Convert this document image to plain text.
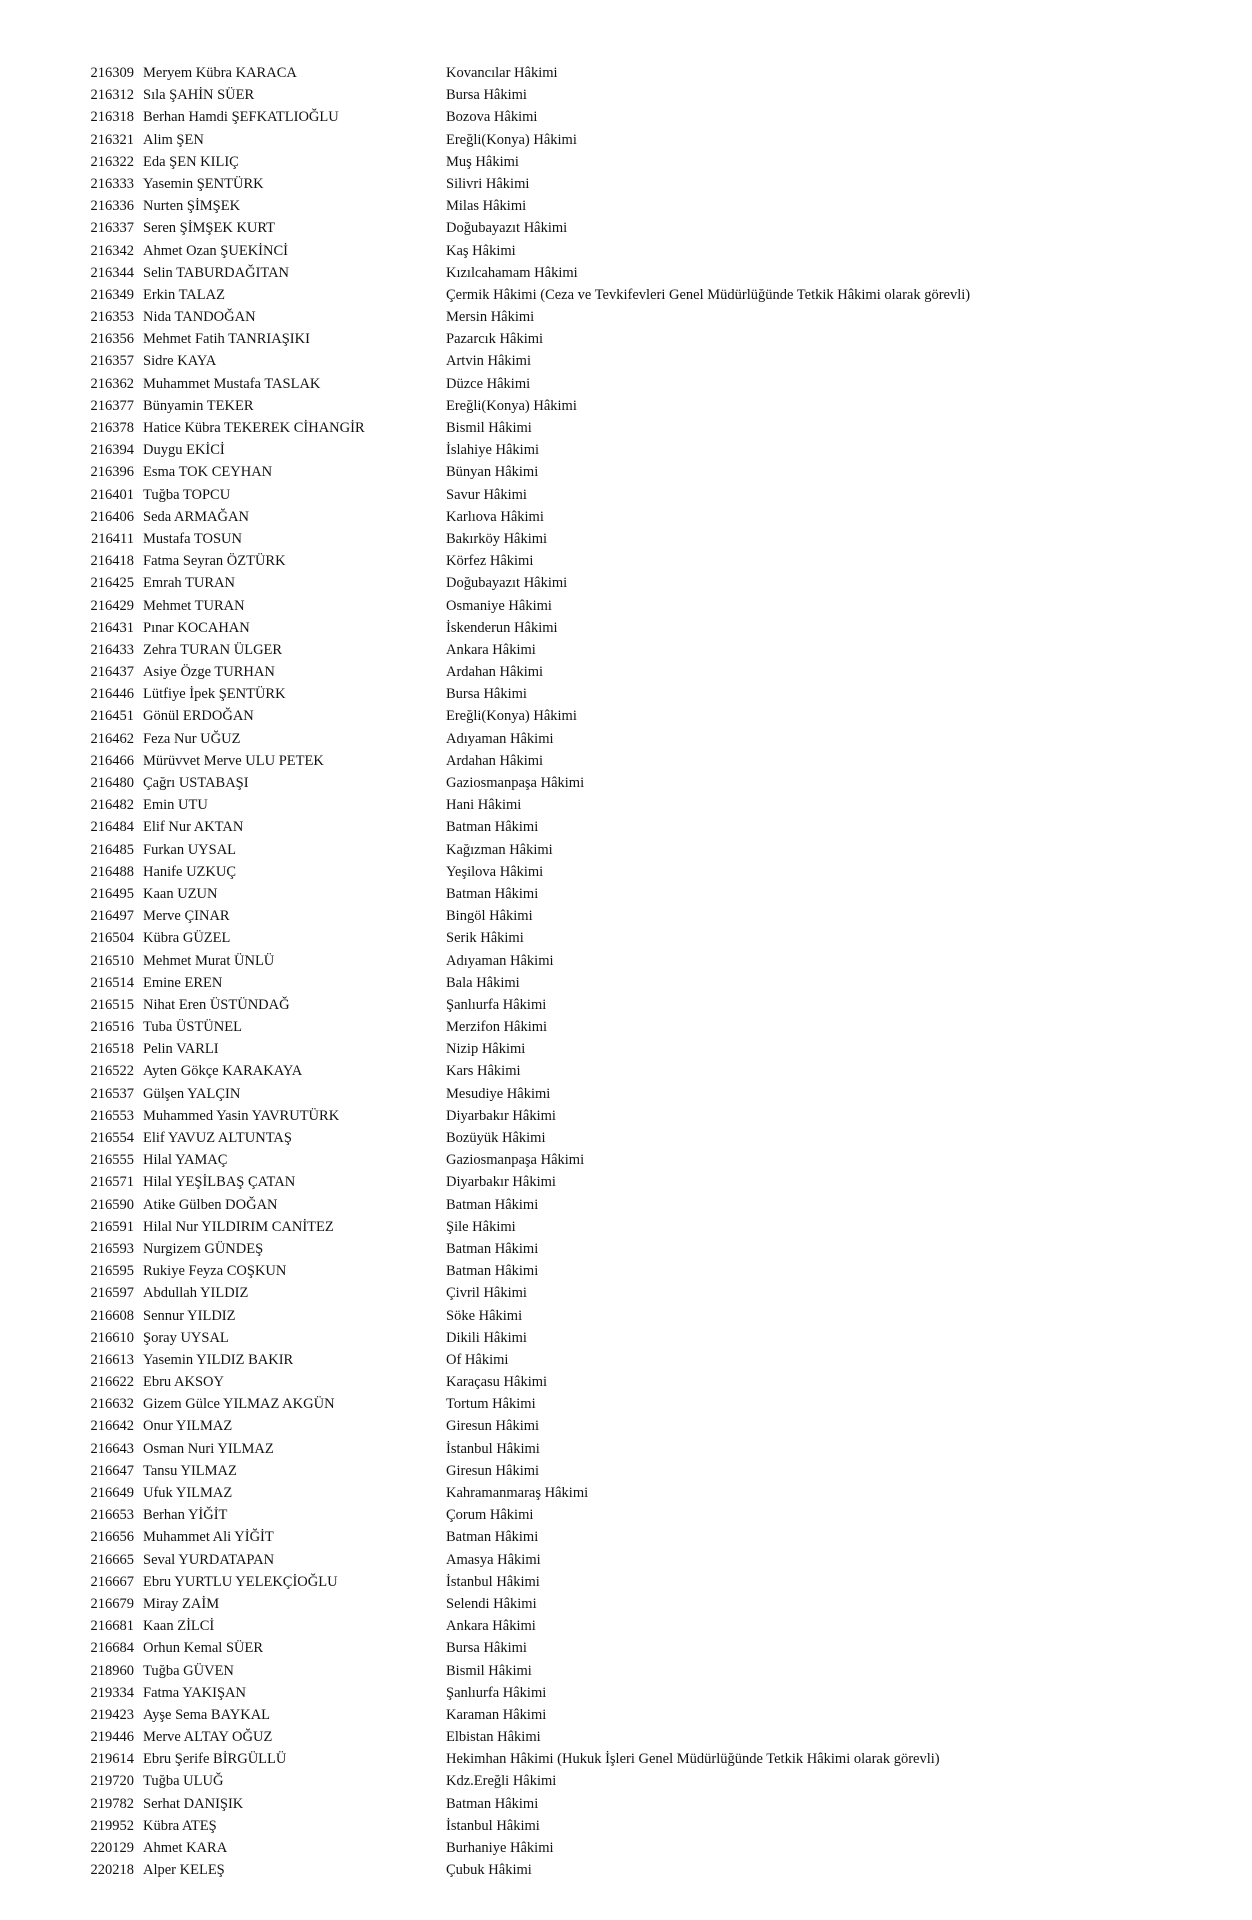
216309 Meryem Kübra KARACA	Kovancılar Hâkimi
216312 Sıla ŞAHİN SÜER	Bursa Hâkimi
216318 Berhan Hamdi ŞEFKATLIOĞLU	Bozova Hâkimi
216321 Alim ŞEN	Ereğli(Konya) Hâkimi
216322 Eda ŞEN KILIÇ	Muş Hâkimi
216333 Yasemin ŞENTÜRK	Silivri Hâkimi
216336 Nurten ŞİMŞEK	Milas Hâkimi
216337 Seren ŞİMŞEK KURT	Doğubayazıt Hâkimi
216342 Ahmet Ozan ŞUEKİNCİ	Kaş Hâkimi
216344 Selin TABURDAĞITAN	Kızılcahamam Hâkimi
216349 Erkin TALAZ	Çermik Hâkimi (Ceza ve Tevkifevleri Genel Müdürlüğünde Tetkik Hâkimi olarak görevli)
216353 Nida TANDOĞAN	Mersin Hâkimi
216356 Mehmet Fatih TANRIAŞIKI	Pazarcık Hâkimi
216357 Sidre KAYA	Artvin Hâkimi
216362 Muhammet Mustafa TASLAK	Düzce Hâkimi
216377 Bünyamin TEKER	Ereğli(Konya) Hâkimi
216378 Hatice Kübra TEKEREK CİHANGİR	Bismil Hâkimi
216394 Duygu EKİCİ	İslahiye Hâkimi
216396 Esma TOK CEYHAN	Bünyan Hâkimi
216401 Tuğba TOPCU	Savur Hâkimi
216406 Seda ARMAĞAN	Karlıova Hâkimi
216411 Mustafa TOSUN	Bakırköy Hâkimi
216418 Fatma Seyran ÖZTÜRK	Körfez Hâkimi
216425 Emrah TURAN	Doğubayazıt Hâkimi
216429 Mehmet TURAN	Osmaniye Hâkimi
216431 Pınar KOCAHAN	İskenderun Hâkimi
216433 Zehra TURAN ÜLGER	Ankara Hâkimi
216437 Asiye Özge TURHAN	Ardahan Hâkimi
216446 Lütfiye İpek ŞENTÜRK	Bursa Hâkimi
216451 Gönül ERDOĞAN	Ereğli(Konya) Hâkimi
216462 Feza Nur UĞUZ	Adıyaman Hâkimi
216466 Mürüvvet Merve ULU PETEK	Ardahan Hâkimi
216480 Çağrı USTABAŞI	Gaziosmanpaşa Hâkimi
216482 Emin UTU	Hani Hâkimi
216484 Elif Nur AKTAN	Batman Hâkimi
216485 Furkan UYSAL	Kağızman Hâkimi
216488 Hanife UZKUÇ	Yeşilova Hâkimi
216495 Kaan UZUN	Batman Hâkimi
216497 Merve ÇINAR	Bingöl Hâkimi
216504 Kübra GÜZEL	Serik Hâkimi
216510 Mehmet Murat ÜNLÜ	Adıyaman Hâkimi
216514 Emine EREN	Bala Hâkimi
216515 Nihat Eren ÜSTÜNDAĞ	Şanlıurfa Hâkimi
216516 Tuba ÜSTÜNEL	Merzifon Hâkimi
216518 Pelin VARLI	Nizip Hâkimi
216522 Ayten Gökçe KARAKAYA	Kars Hâkimi
216537 Gülşen YALÇIN	Mesudiye Hâkimi
216553 Muhammed Yasin YAVRUTÜRK	Diyarbakır Hâkimi
216554 Elif YAVUZ ALTUNTAŞ	Bozüyük Hâkimi
216555 Hilal YAMAÇ	Gaziosmanpaşa Hâkimi
216571 Hilal YEŞİLBAŞ ÇATAN	Diyarbakır Hâkimi
216590 Atike Gülben DOĞAN	Batman Hâkimi
216591 Hilal Nur YILDIRIM CANİTEZ	Şile Hâkimi
216593 Nurgizem GÜNDEŞ	Batman Hâkimi
216595 Rukiye Feyza COŞKUN	Batman Hâkimi
216597 Abdullah YILDIZ	Çivril Hâkimi
216608 Sennur YILDIZ	Söke Hâkimi
216610 Şoray UYSAL	Dikili Hâkimi
216613 Yasemin YILDIZ BAKIR	Of Hâkimi
216622 Ebru AKSOY	Karaçasu Hâkimi
216632 Gizem Gülce YILMAZ AKGÜN	Tortum Hâkimi
216642 Onur YILMAZ	Giresun Hâkimi
216643 Osman Nuri YILMAZ	İstanbul Hâkimi
216647 Tansu YILMAZ	Giresun Hâkimi
216649 Ufuk YILMAZ	Kahramanmaraş Hâkimi
216653 Berhan YİĞİT	Çorum Hâkimi
216656 Muhammet Ali YİĞİT	Batman Hâkimi
216665 Seval YURDATAPAN	Amasya Hâkimi
216667 Ebru YURTLU YELEKÇİOĞLU	İstanbul Hâkimi
216679 Miray ZAİM	Selendi Hâkimi
216681 Kaan ZİLCİ	Ankara Hâkimi
216684 Orhun Kemal SÜER	Bursa Hâkimi
218960 Tuğba GÜVEN	Bismil Hâkimi
219334 Fatma YAKIŞAN	Şanlıurfa Hâkimi
219423 Ayşe Sema BAYKAL	Karaman Hâkimi
219446 Merve ALTAY OĞUZ	Elbistan Hâkimi
219614 Ebru Şerife BİRGÜLLÜ	Hekimhan Hâkimi (Hukuk İşleri Genel Müdürlüğünde Tetkik Hâkimi olarak görevli)
219720 Tuğba ULUĞ	Kdz.Ereğli Hâkimi
219782 Serhat DANIŞIK	Batman Hâkimi
219952 Kübra ATEŞ	İstanbul Hâkimi
220129 Ahmet KARA	Burhaniye Hâkimi
220218 Alper KELEŞ	Çubuk Hâkimi
